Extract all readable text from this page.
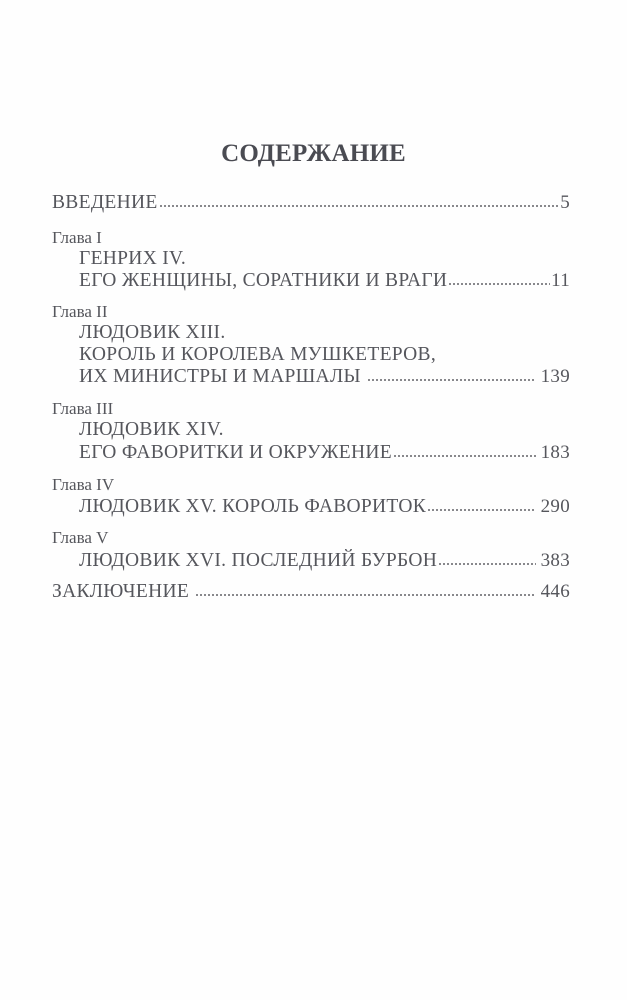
СОДЕРЖАНИЕ
ВВЕДЕНИЕ	5
Глава I
ГЕНРИХ IV.
ЕГО ЖЕНЩИНЫ, СОРАТНИКИ И ВРАГИ	11
Глава II
ЛЮДОВИК XIII.
КОРОЛЬ И КОРОЛЕВА МУШКЕТЕРОВ,
ИХ МИНИСТРЫ И МАРШАЛЫ	139
Глава III
ЛЮДОВИК XIV.
ЕГО ФАВОРИТКИ И ОКРУЖЕНИЕ	183
Глава IV
ЛЮДОВИК XV. КОРОЛЬ ФАВОРИТОК	290
Глава V
ЛЮДОВИК XVI. ПОСЛЕДНИЙ БУРБОН	383
ЗАКЛЮЧЕНИЕ	446
